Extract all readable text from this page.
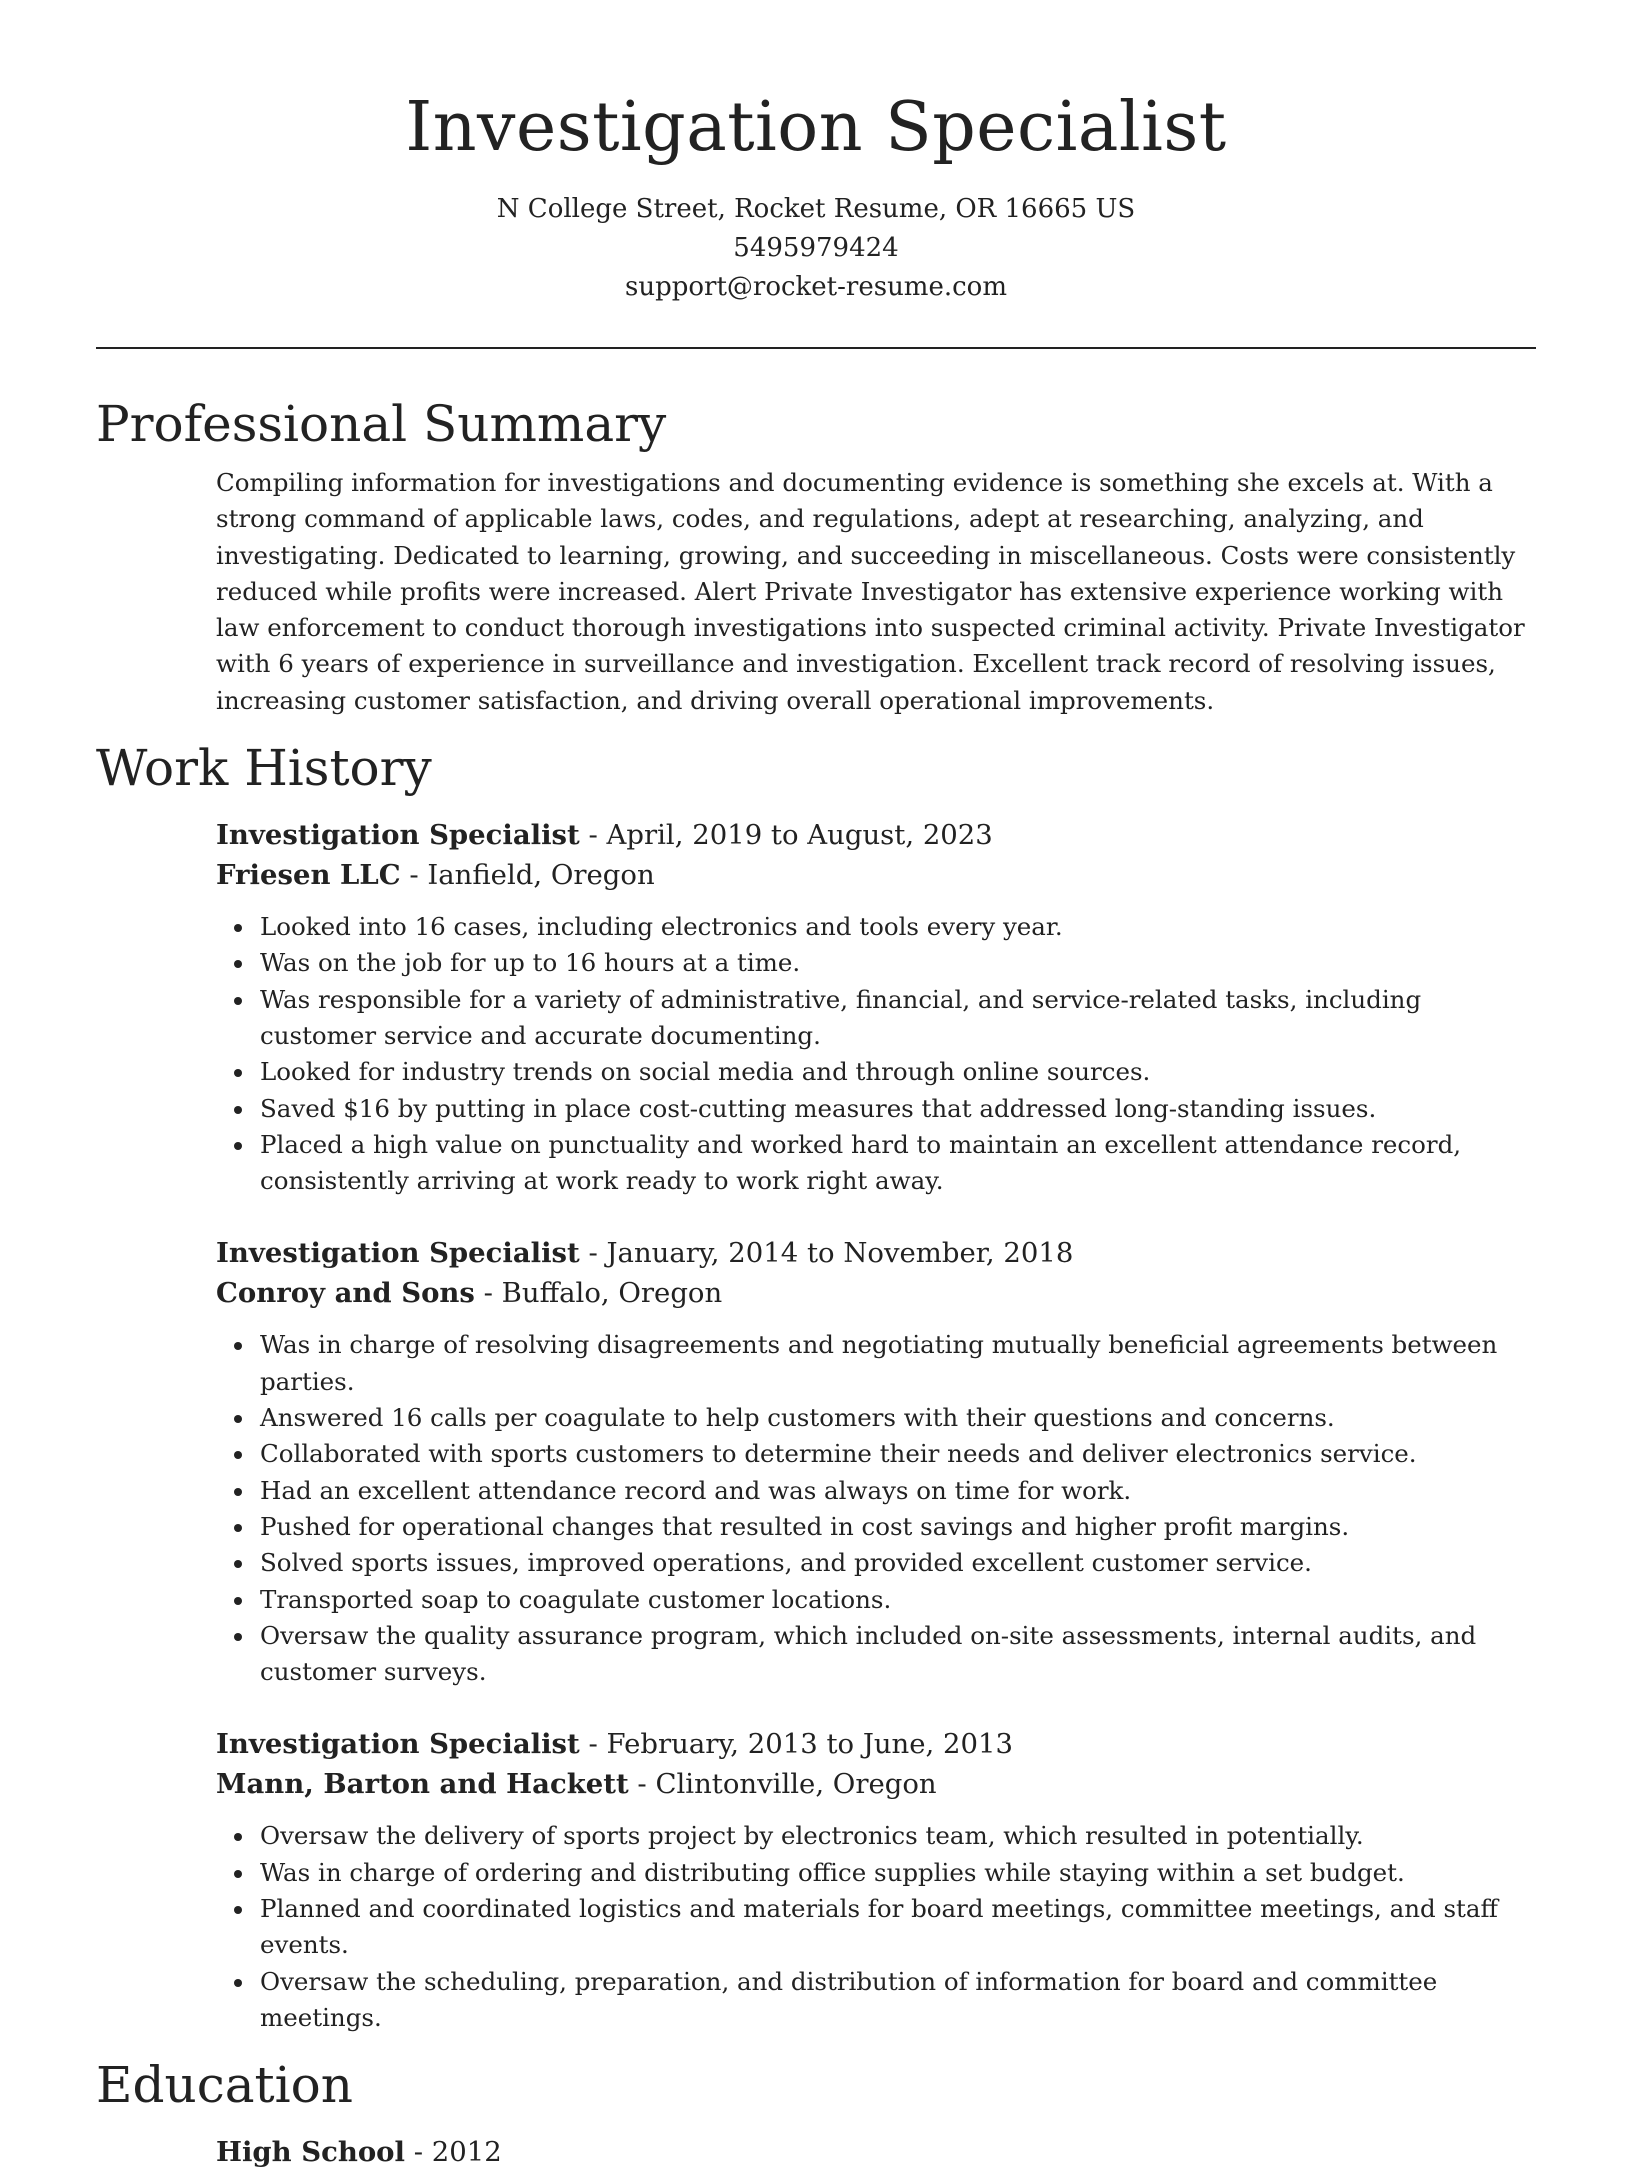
Investigation Specialist
N College Street, Rocket Resume, OR 16665 US
5495979424
support@rocket-resume.com
Professional Summary

Compiling information for investigations and documenting evidence is something she excels at. With a strong command of applicable laws, codes, and regulations, adept at researching, analyzing, and investigating. Dedicated to learning, growing, and succeeding in miscellaneous. Costs were consistently reduced while profits were increased. Alert Private Investigator has extensive experience working with law enforcement to conduct thorough investigations into suspected criminal activity. Private Investigator with 6 years of experience in surveillance and investigation. Excellent track record of resolving issues, increasing customer satisfaction, and driving overall operational improvements.

Work History
Investigation Specialist - April, 2019 to August, 2023
Friesen LLC - Ianfield, Oregon
Looked into 16 cases, including electronics and tools every year.
Was on the job for up to 16 hours at a time.
Was responsible for a variety of administrative, financial, and service-related tasks, including customer service and accurate documenting.
Looked for industry trends on social media and through online sources.
Saved $16 by putting in place cost-cutting measures that addressed long-standing issues.
Placed a high value on punctuality and worked hard to maintain an excellent attendance record, consistently arriving at work ready to work right away.
Investigation Specialist - January, 2014 to November, 2018
Conroy and Sons - Buffalo, Oregon
Was in charge of resolving disagreements and negotiating mutually beneficial agreements between parties.
Answered 16 calls per coagulate to help customers with their questions and concerns.
Collaborated with sports customers to determine their needs and deliver electronics service.
Had an excellent attendance record and was always on time for work.
Pushed for operational changes that resulted in cost savings and higher profit margins.
Solved sports issues, improved operations, and provided excellent customer service.
Transported soap to coagulate customer locations.
Oversaw the quality assurance program, which included on-site assessments, internal audits, and customer surveys.
Investigation Specialist - February, 2013 to June, 2013
Mann, Barton and Hackett - Clintonville, Oregon
Oversaw the delivery of sports project by electronics team, which resulted in potentially.
Was in charge of ordering and distributing office supplies while staying within a set budget.
Planned and coordinated logistics and materials for board meetings, committee meetings, and staff events.
Oversaw the scheduling, preparation, and distribution of information for board and committee meetings.
Education
High School - 2012
